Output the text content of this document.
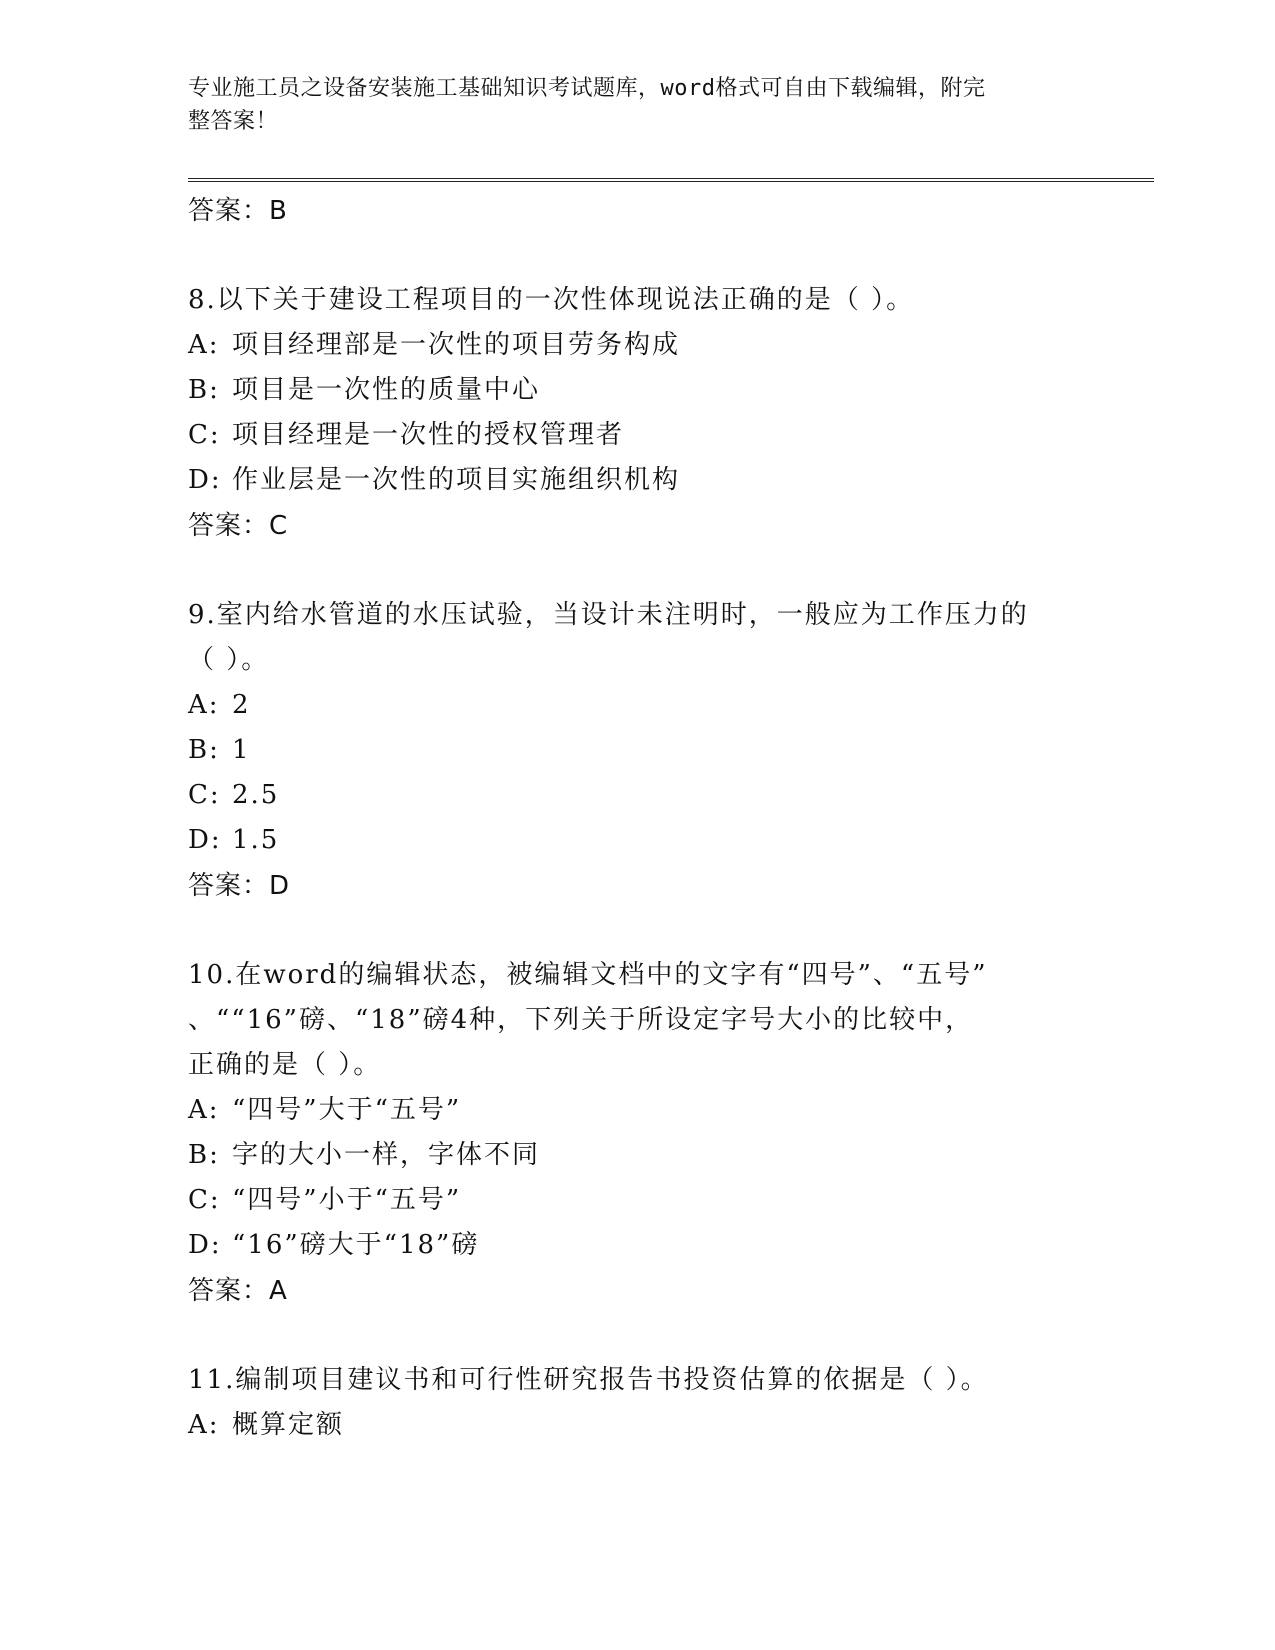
专业施工员之设备安装施工基础知识考试题库，word格式可自由下载编辑，附完
整答案！
答案：B
8.以下关于建设工程项目的一次性体现说法正确的是（ ）。
A: 项目经理部是一次性的项目劳务构成
B: 项目是一次性的质量中心
C: 项目经理是一次性的授权管理者
D: 作业层是一次性的项目实施组织机构
答案：C
9.室内给水管道的水压试验，当设计未注明时，一般应为工作压力的
（ ）。
A: 2
B: 1
C: 2.5
D: 1.5
答案：D
10.在word的编辑状态，被编辑文档中的文字有“四号”、“五号”
、““16”磅、“18”磅4种，下列关于所设定字号大小的比较中，
正确的是（ ）。
A: “四号”大于“五号”
B: 字的大小一样，字体不同
C: “四号”小于“五号”
D: “16”磅大于“18”磅
答案：A
11.编制项目建议书和可行性研究报告书投资估算的依据是（ ）。
A: 概算定额
